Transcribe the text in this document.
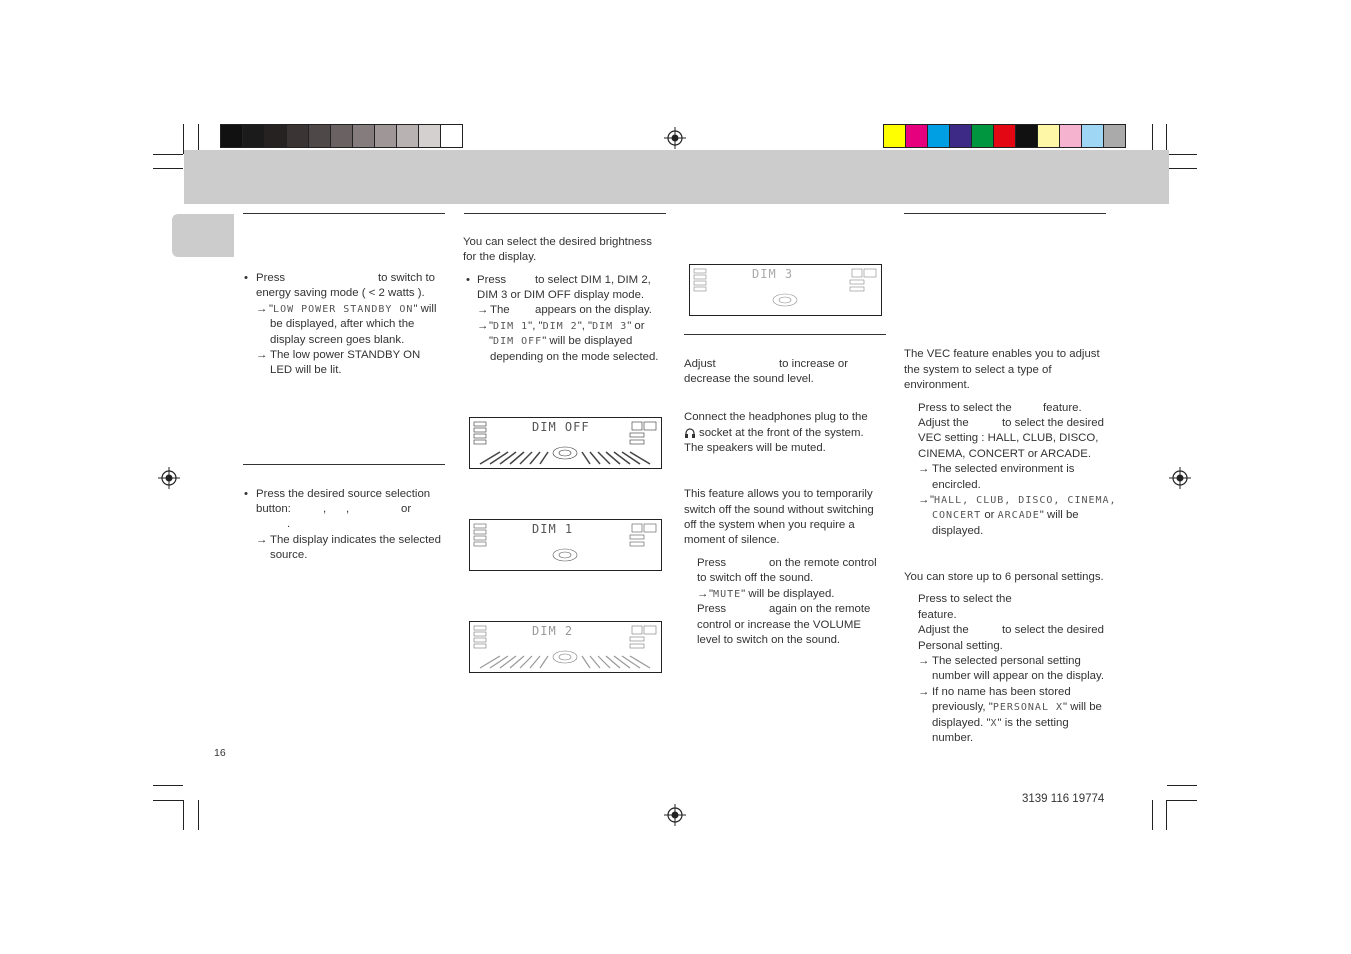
• Press	to switch to
energy saving mode ( < 2 watts ).
→ "LOW POWER STANDBY ON" will
be displayed, after which the
display screen goes blank.
→ The low power STANDBY ON
LED will be lit.
• Press the desired source selection
button:	, ,	or
.
→ The display indicates the selected
source.
You can select the desired brightness
for the display.
• Press	to select DIM 1, DIM 2,
DIM 3 or DIM OFF display mode.
→ The appears on the display.
→ "DIM 1", "DIM 2", "DIM 3" or
"DIM OFF" will be displayed
depending on the mode selected.
DIM OFF
DIM 1
DIM 2
DIM 3
Adjust	to increase or
decrease the sound level.
Connect the headphones plug to the
socket at the front of the system.
The speakers will be muted.
This feature allows you to temporarily
switch off the sound without switching
off the system when you require a
moment of silence.
Press	on the remote control
to switch off the sound.
→ "MUTE" will be displayed.
Press	again on the remote
control or increase the VOLUME
level to switch on the sound.
The VEC feature enables you to adjust
the system to select a type of
environment.
Press to select the	feature.
Adjust the	to select the desired
VEC setting : HALL, CLUB, DISCO,
CINEMA, CONCERT or ARCADE.
→ The selected environment is
encircled.
→ "HALL, CLUB, DISCO, CINEMA,
CONCERT or ARCADE" will be
displayed.
You can store up to 6 personal settings.
Press to select the
feature.
Adjust the	to select the desired
Personal setting.
→ The selected personal setting
number will appear on the display.
→ If no name has been stored
previously, "PERSONAL X" will be
displayed. "X" is the setting
number.
16
3139 116 19774
